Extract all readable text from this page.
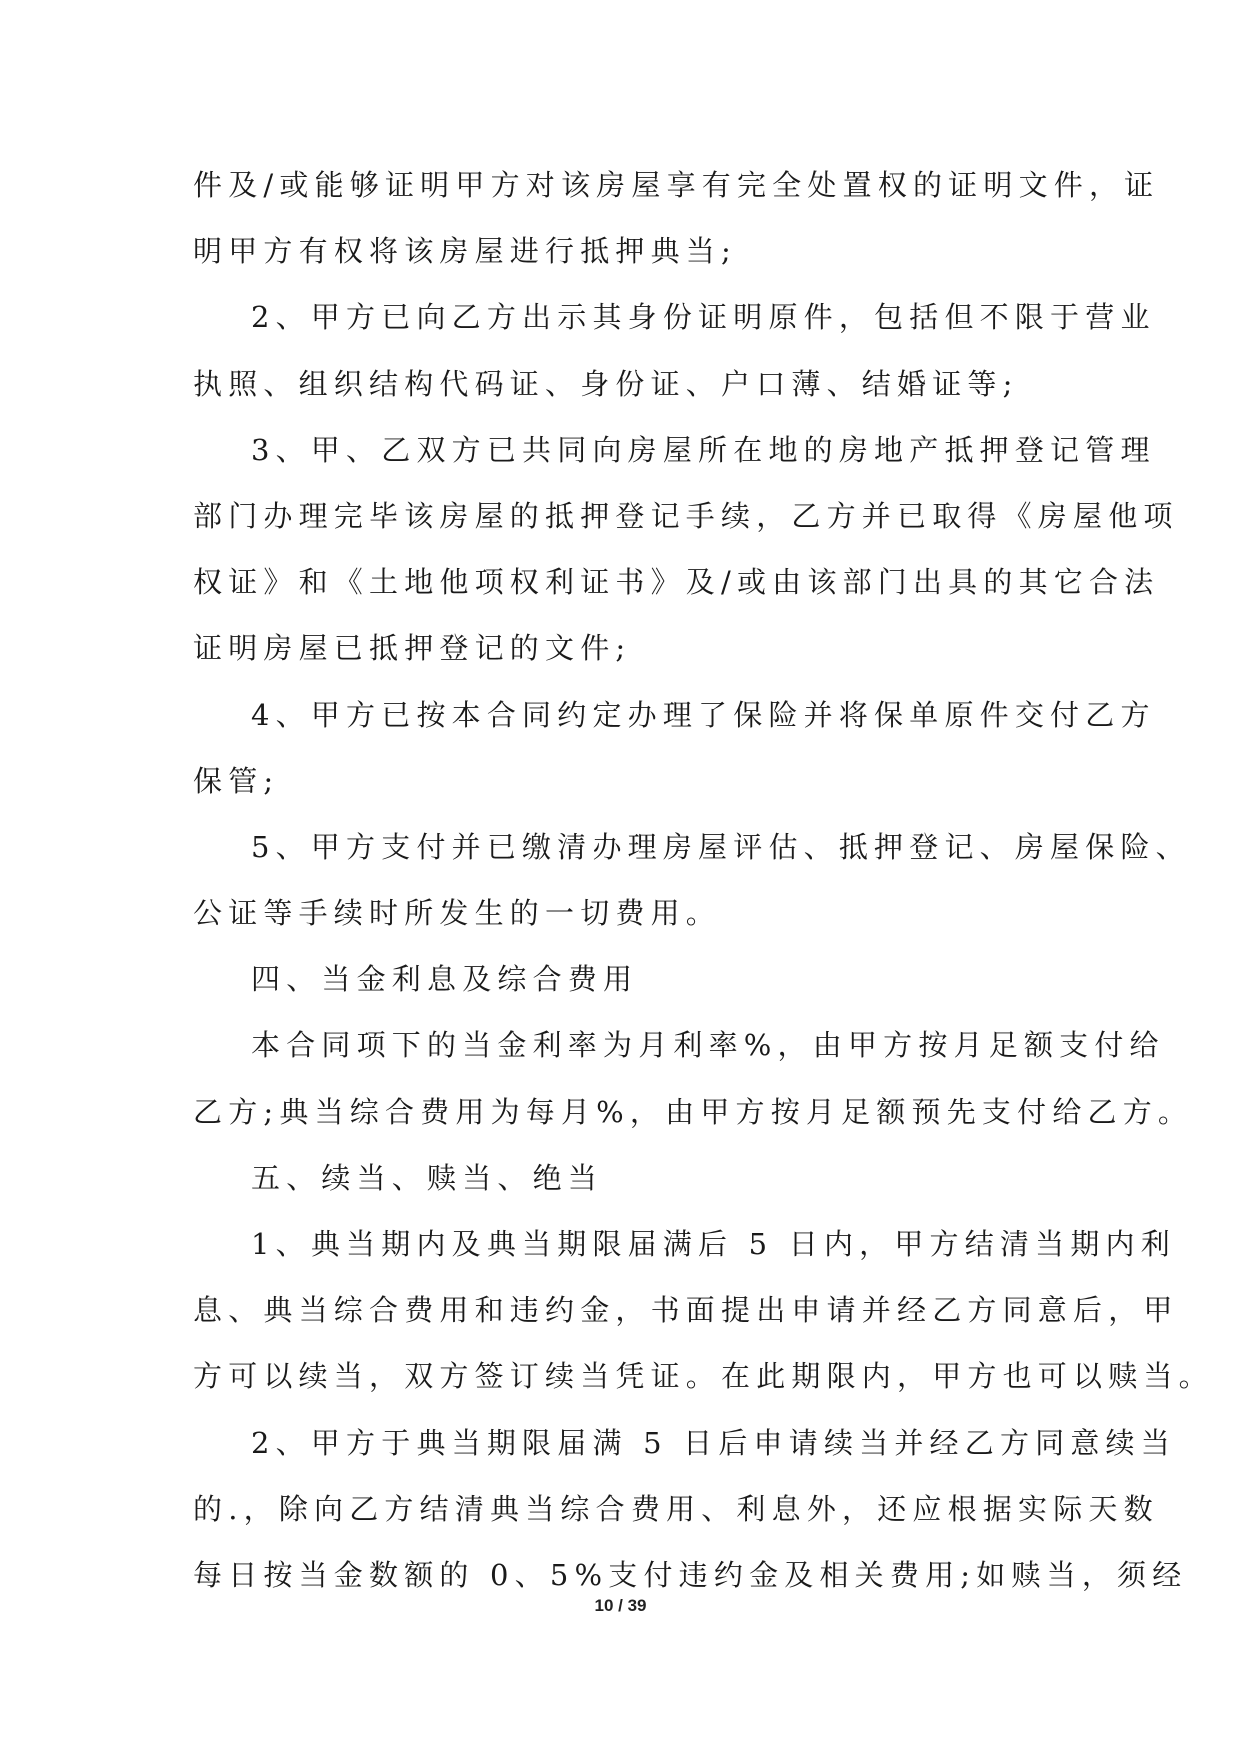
件及/或能够证明甲方对该房屋享有完全处置权的证明文件，证
明甲方有权将该房屋进行抵押典当;
2、甲方已向乙方出示其身份证明原件，包括但不限于营业
执照、组织结构代码证、身份证、户口薄、结婚证等;
3、甲、乙双方已共同向房屋所在地的房地产抵押登记管理
部门办理完毕该房屋的抵押登记手续，乙方并已取得《房屋他项
权证》和《土地他项权利证书》及/或由该部门出具的其它合法
证明房屋已抵押登记的文件;
4、甲方已按本合同约定办理了保险并将保单原件交付乙方
保管;
5、甲方支付并已缴清办理房屋评估、抵押登记、房屋保险、
公证等手续时所发生的一切费用。
四、当金利息及综合费用
本合同项下的当金利率为月利率%，由甲方按月足额支付给
乙方;典当综合费用为每月%，由甲方按月足额预先支付给乙方。
五、续当、赎当、绝当
1、典当期内及典当期限届满后 5 日内，甲方结清当期内利
息、典当综合费用和违约金，书面提出申请并经乙方同意后，甲
方可以续当，双方签订续当凭证。在此期限内，甲方也可以赎当。
2、甲方于典当期限届满 5 日后申请续当并经乙方同意续当
的.，除向乙方结清典当综合费用、利息外，还应根据实际天数
每日按当金数额的 0、5%支付违约金及相关费用;如赎当，须经
10 / 39
